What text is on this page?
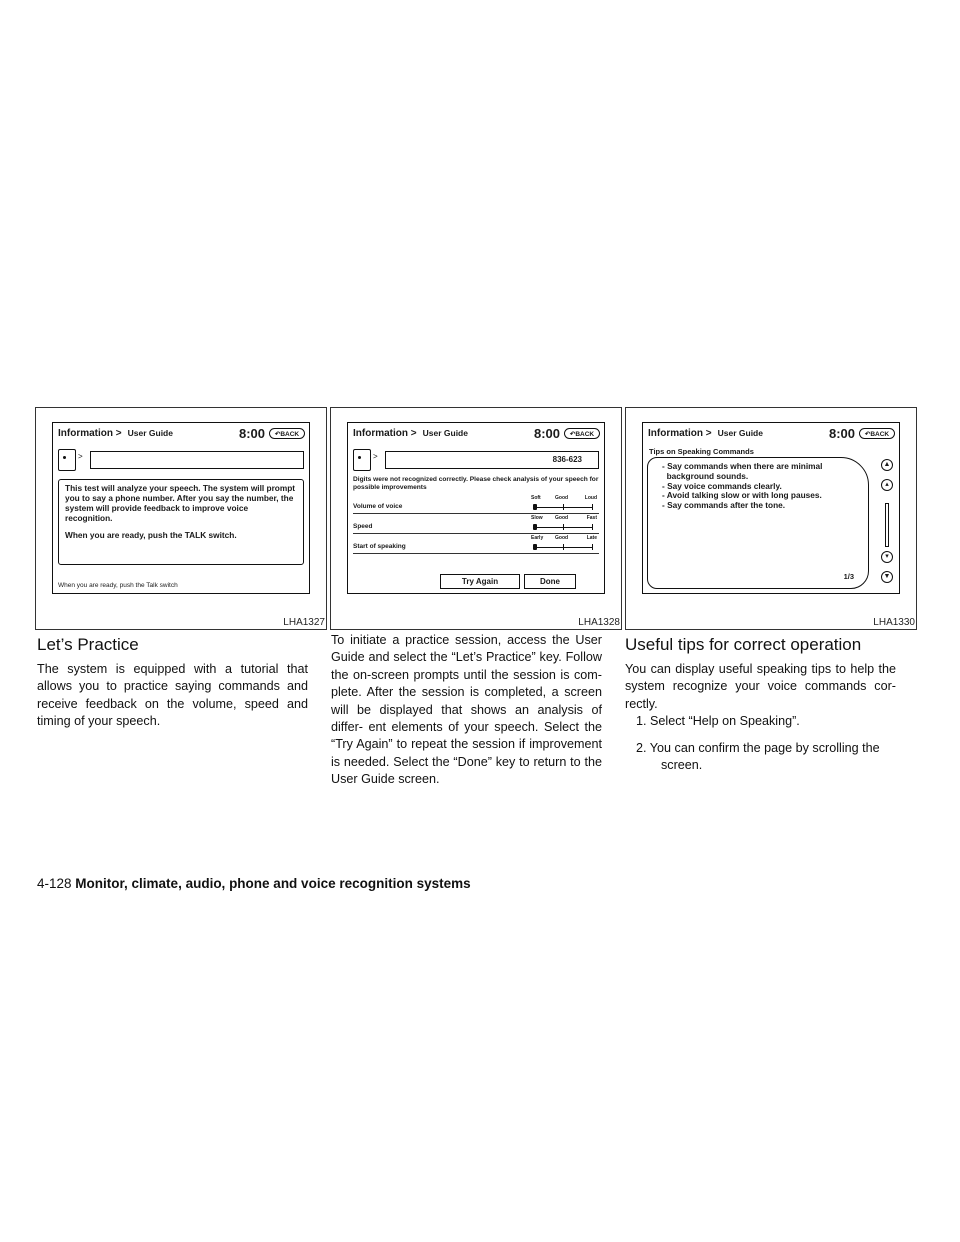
Information > User Guide	8:00	↶BACK
>

This test will analyze your speech. The system will prompt you to say a phone number. After you say the number, the system will provide feedback to improve voice recognition.

When you are ready, push the TALK switch.

When you are ready, push the Talk switch
LHA1327
Information > User Guide	8:00	↶BACK
>
836-623
Digits were not recognized correctly. Please check analysis of your speech for possible improvements
Volume of voice
Soft	Good	Loud
Speed
Slow Good	Fast
Start of speaking
Early Good	Late
Try Again	Done
LHA1328
Information > User Guide	8:00	↶BACK
Tips on Speaking Commands
- Say commands when there are minimal
background sounds.
- Say voice commands clearly.
- Avoid talking slow or with long pauses.
- Say commands after the tone.
1/3
▲
▴
▾
▼
LHA1330
Let’s Practice

The system is equipped with a tutorial that allows you to practice saying commands and receive feedback on the volume, speed and timing of your speech.

To initiate a practice session, access the User Guide and select the “Let’s Practice” key. Follow the on-screen prompts until the session is com- plete. After the session is completed, a screen will be displayed that shows an analysis of differ- ent elements of your speech. Select the “Try Again” to repeat the session if improvement is needed. Select the “Done” key to return to the User Guide screen.

Useful tips for correct operation

You can display useful speaking tips to help the system recognize your voice commands cor- rectly.

1. Select “Help on Speaking”.

2. You can confirm the page by scrolling the

screen.

4-128 Monitor, climate, audio, phone and voice recognition systems
